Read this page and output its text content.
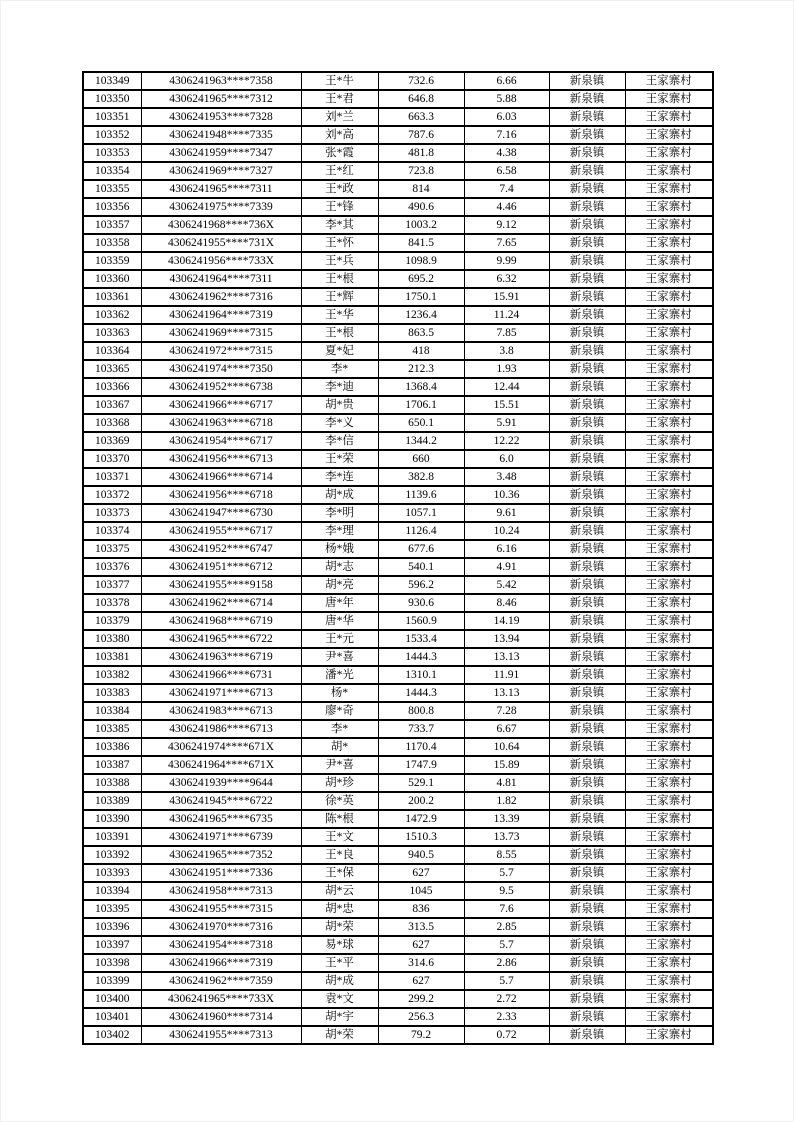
103349	4306241963****7358	王*牛	732.6	6.66	新泉镇	王家寨村
103350	4306241965****7312	王*君	646.8	5.88	新泉镇	王家寨村
103351	4306241953****7328	刘*兰	663.3	6.03	新泉镇	王家寨村
103352	4306241948****7335	刘*高	787.6	7.16	新泉镇	王家寨村
103353	4306241959****7347	张*霞	481.8	4.38	新泉镇	王家寨村
103354	4306241969****7327	王*红	723.8	6.58	新泉镇	王家寨村
103355	4306241965****7311	王*政	814	7.4	新泉镇	王家寨村
103356	4306241975****7339	王*锋	490.6	4.46	新泉镇	王家寨村
103357	4306241968****736X	李*其	1003.2	9.12	新泉镇	王家寨村
103358	4306241955****731X	王*怀	841.5	7.65	新泉镇	王家寨村
103359	4306241956****733X	王*兵	1098.9	9.99	新泉镇	王家寨村
103360	4306241964****7311	王*根	695.2	6.32	新泉镇	王家寨村
103361	4306241962****7316	王*辉	1750.1	15.91	新泉镇	王家寨村
103362	4306241964****7319	王*华	1236.4	11.24	新泉镇	王家寨村
103363	4306241969****7315	王*根	863.5	7.85	新泉镇	王家寨村
103364	4306241972****7315	夏*妃	418	3.8	新泉镇	王家寨村
103365	4306241974****7350	李*	212.3	1.93	新泉镇	王家寨村
103366	4306241952****6738	李*迪	1368.4	12.44	新泉镇	王家寨村
103367	4306241966****6717	胡*贵	1706.1	15.51	新泉镇	王家寨村
103368	4306241963****6718	李*义	650.1	5.91	新泉镇	王家寨村
103369	4306241954****6717	李*信	1344.2	12.22	新泉镇	王家寨村
103370	4306241956****6713	王*荣	660	6.0	新泉镇	王家寨村
103371	4306241966****6714	李*连	382.8	3.48	新泉镇	王家寨村
103372	4306241956****6718	胡*成	1139.6	10.36	新泉镇	王家寨村
103373	4306241947****6730	李*明	1057.1	9.61	新泉镇	王家寨村
103374	4306241955****6717	李*理	1126.4	10.24	新泉镇	王家寨村
103375	4306241952****6747	杨*娥	677.6	6.16	新泉镇	王家寨村
103376	4306241951****6712	胡*志	540.1	4.91	新泉镇	王家寨村
103377	4306241955****9158	胡*亮	596.2	5.42	新泉镇	王家寨村
103378	4306241962****6714	唐*年	930.6	8.46	新泉镇	王家寨村
103379	4306241968****6719	唐*华	1560.9	14.19	新泉镇	王家寨村
103380	4306241965****6722	王*元	1533.4	13.94	新泉镇	王家寨村
103381	4306241963****6719	尹*喜	1444.3	13.13	新泉镇	王家寨村
103382	4306241966****6731	潘*光	1310.1	11.91	新泉镇	王家寨村
103383	4306241971****6713	杨*	1444.3	13.13	新泉镇	王家寨村
103384	4306241983****6713	廖*奇	800.8	7.28	新泉镇	王家寨村
103385	4306241986****6713	李*	733.7	6.67	新泉镇	王家寨村
103386	4306241974****671X	胡*	1170.4	10.64	新泉镇	王家寨村
103387	4306241964****671X	尹*喜	1747.9	15.89	新泉镇	王家寨村
103388	4306241939****9644	胡*珍	529.1	4.81	新泉镇	王家寨村
103389	4306241945****6722	徐*英	200.2	1.82	新泉镇	王家寨村
103390	4306241965****6735	陈*根	1472.9	13.39	新泉镇	王家寨村
103391	4306241971****6739	王*文	1510.3	13.73	新泉镇	王家寨村
103392	4306241965****7352	王*良	940.5	8.55	新泉镇	王家寨村
103393	4306241951****7336	王*保	627	5.7	新泉镇	王家寨村
103394	4306241958****7313	胡*云	1045	9.5	新泉镇	王家寨村
103395	4306241955****7315	胡*忠	836	7.6	新泉镇	王家寨村
103396	4306241970****7316	胡*荣	313.5	2.85	新泉镇	王家寨村
103397	4306241954****7318	易*球	627	5.7	新泉镇	王家寨村
103398	4306241966****7319	王*平	314.6	2.86	新泉镇	王家寨村
103399	4306241962****7359	胡*成	627	5.7	新泉镇	王家寨村
103400	4306241965****733X	袁*文	299.2	2.72	新泉镇	王家寨村
103401	4306241960****7314	胡*宇	256.3	2.33	新泉镇	王家寨村
103402	4306241955****7313	胡*荣	79.2	0.72	新泉镇	王家寨村
